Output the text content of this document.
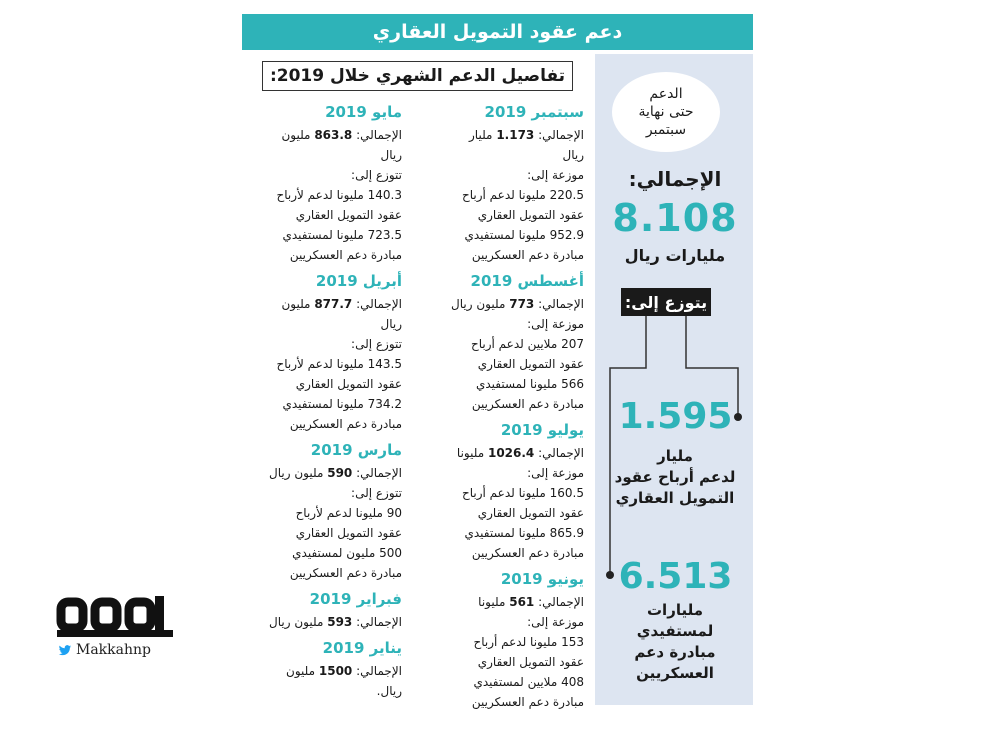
دعم عقود التمويل العقاري
الدعم
حتى نهاية
سبتمبر
الإجمالي:
8.108
مليارات ريال
يتوزع إلى:
1.595
مليار
لدعم أرباح عقود
التمويل العقاري
6.513
مليارات
لمستفيدي
مبادرة دعم
العسكريين
تفاصيل الدعم الشهري خلال 2019:
سبتمبر 2019
الإجمالي: 1.173 مليار
ريال
موزعة إلى:
220.5 مليونا لدعم أرباح
عقود التمويل العقاري
952.9 مليونا لمستفيدي
مبادرة دعم العسكريين
أغسطس 2019
الإجمالي: 773 مليون ريال
موزعة إلى:
207 ملايين لدعم أرباح
عقود التمويل العقاري
566 مليونا لمستفيدي
مبادرة دعم العسكريين
يوليو 2019
الإجمالي: 1026.4 مليونا
موزعة إلى:
160.5 مليونا لدعم أرباح
عقود التمويل العقاري
865.9 مليونا لمستفيدي
مبادرة دعم العسكريين
يونيو 2019
الإجمالي: 561 مليونا
موزعة إلى:
153 مليونا لدعم أرباح
عقود التمويل العقاري
408 ملايين لمستفيدي
مبادرة دعم العسكريين
مايو 2019
الإجمالي: 863.8 مليون
ريال
تتوزع إلى:
140.3 مليونا لدعم لأرباح
عقود التمويل العقاري
723.5 مليونا لمستفيدي
مبادرة دعم العسكريين
أبريل 2019
الإجمالي: 877.7 مليون
ريال
تتوزع إلى:
143.5 مليونا لدعم لأرباح
عقود التمويل العقاري
734.2 مليونا لمستفيدي
مبادرة دعم العسكريين
مارس 2019
الإجمالي: 590 مليون ريال
تتوزع إلى:
90 مليونا لدعم لأرباح
عقود التمويل العقاري
500 مليون لمستفيدي
مبادرة دعم العسكريين
فبراير 2019
الإجمالي: 593 مليون ريال
يناير 2019
الإجمالي: 1500 مليون
ريال.
Makkahnp
